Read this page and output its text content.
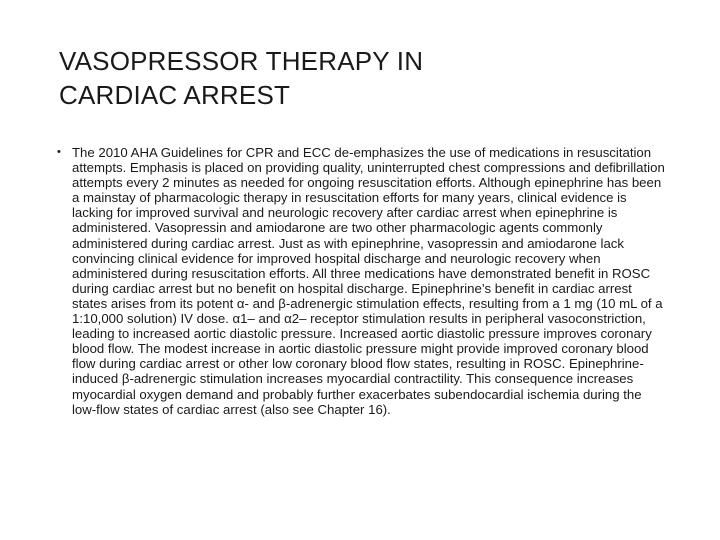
VASOPRESSOR THERAPY IN
CARDIAC ARREST
• The 2010 AHA Guidelines for CPR and ECC de-emphasizes the use of medications in resuscitation attempts. Emphasis is placed on providing quality, uninterrupted chest compressions and defibrillation attempts every 2 minutes as needed for ongoing resuscitation efforts. Although epinephrine has been a mainstay of pharmacologic therapy in resuscitation efforts for many years, clinical evidence is lacking for improved survival and neurologic recovery after cardiac arrest when epinephrine is administered. Vasopressin and amiodarone are two other pharmacologic agents commonly administered during cardiac arrest. Just as with epinephrine, vasopressin and amiodarone lack convincing clinical evidence for improved hospital discharge and neurologic recovery when administered during resuscitation efforts. All three medications have demonstrated benefit in ROSC during cardiac arrest but no benefit on hospital discharge. Epinephrine’s benefit in cardiac arrest states arises from its potent α- and β-adrenergic stimulation effects, resulting from a 1 mg (10 mL of a 1:10,000 solution) IV dose. α1– and α2– receptor stimulation results in peripheral vasoconstriction, leading to increased aortic diastolic pressure. Increased aortic diastolic pressure improves coronary blood flow. The modest increase in aortic diastolic pressure might provide improved coronary blood flow during cardiac arrest or other low coronary blood flow states, resulting in ROSC. Epinephrine-induced β-adrenergic stimulation increases myocardial contractility. This consequence increases myocardial oxygen demand and probably further exacerbates subendocardial ischemia during the low-flow states of cardiac arrest (also see Chapter 16).
